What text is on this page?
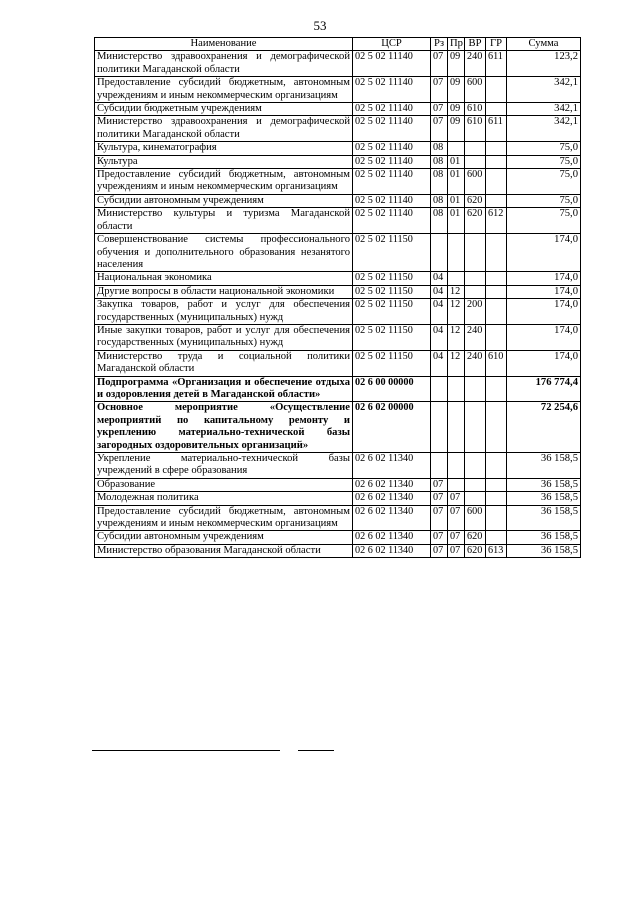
53
Наименование	ЦСР	Рз	Пр	ВР	ГР	Сумма
Министерство здравоохранения и демографической политики Магаданской области	02 5 02 11140	07	09	240	611	123,2
Предоставление субсидий бюджетным, автономным учреждениям и иным некоммерческим организациям	02 5 02 11140	07	09	600		342,1
Субсидии бюджетным учреждениям	02 5 02 11140	07	09	610		342,1
Министерство здравоохранения и демографической политики Магаданской области	02 5 02 11140	07	09	610	611	342,1
Культура, кинематография	02 5 02 11140	08				75,0
Культура	02 5 02 11140	08	01			75,0
Предоставление субсидий бюджетным, автономным учреждениям и иным некоммерческим организациям	02 5 02 11140	08	01	600		75,0
Субсидии автономным учреждениям	02 5 02 11140	08	01	620		75,0
Министерство культуры и туризма Магаданской области	02 5 02 11140	08	01	620	612	75,0
Совершенствование системы профессионального обучения и дополнительного образования незанятого населения	02 5 02 11150					174,0
Национальная экономика	02 5 02 11150	04				174,0
Другие вопросы в области национальной экономики	02 5 02 11150	04	12			174,0
Закупка товаров, работ и услуг для обеспечения государственных (муниципальных) нужд	02 5 02 11150	04	12	200		174,0
Иные закупки товаров, работ и услуг для обеспечения государственных (муниципальных) нужд	02 5 02 11150	04	12	240		174,0
Министерство труда и социальной политики Магаданской области	02 5 02 11150	04	12	240	610	174,0
Подпрограмма «Организация и обеспечение отдыха и оздоровления детей в Магаданской области»	02 6 00 00000					176 774,4
Основное мероприятие «Осуществление мероприятий по капитальному ремонту и укреплению материально-технической базы загородных оздоровительных организаций»	02 6 02 00000					72 254,6
Укрепление материально-технической базы учреждений в сфере образования	02 6 02 11340					36 158,5
Образование	02 6 02 11340	07				36 158,5
Молодежная политика	02 6 02 11340	07	07			36 158,5
Предоставление субсидий бюджетным, автономным учреждениям и иным некоммерческим организациям	02 6 02 11340	07	07	600		36 158,5
Субсидии автономным учреждениям	02 6 02 11340	07	07	620		36 158,5
Министерство образования Магаданской области	02 6 02 11340	07	07	620	613	36 158,5
